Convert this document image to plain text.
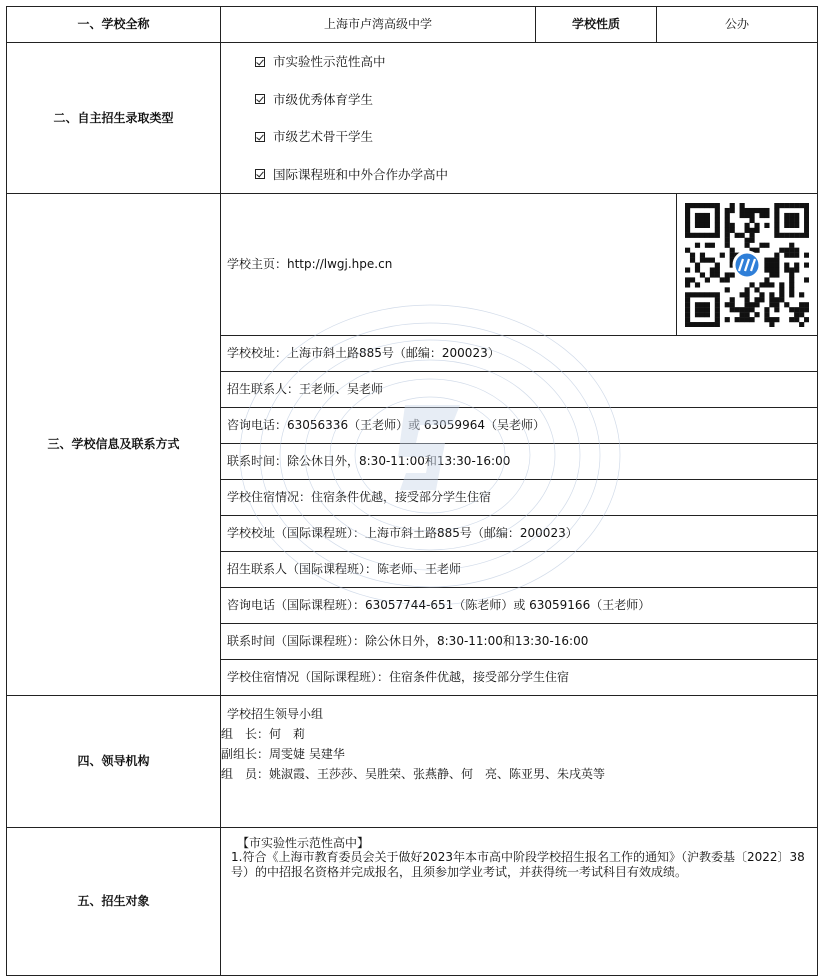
一、学校全称	上海市卢湾高级中学	学校性质	公办
二、自主招生录取类型	市实验性示范性高中
市级优秀体育学生
市级艺术骨干学生
国际课程班和中外合作办学高中		

三、学校信息及联系方式	学校主页：http://lwgj.hpe.cn		

	学校校址：上海市斜土路885号（邮编：200023）		
	招生联系人：王老师、吴老师		
	咨询电话：63056336（王老师）或 63059964（吴老师）		
	联系时间：除公休日外，8:30-11:00和13:30-16:00		
	学校住宿情况：住宿条件优越，接受部分学生住宿		
	学校校址（国际课程班）：上海市斜土路885号（邮编：200023）		
	招生联系人（国际课程班）：陈老师、王老师		
	咨询电话（国际课程班）：63057744-651（陈老师）或 63059166（王老师）		
	联系时间（国际课程班）：除公休日外，8:30-11:00和13:30-16:00		
	学校住宿情况（国际课程班）：住宿条件优越，接受部分学生住宿		
四、领导机构	学校招生领导小组
组　长：何　莉
副组长：周雯婕 吴建华
组　员：姚淑霞、王莎莎、吴胜荣、张燕静、何　亮、陈亚男、朱戌英等		

五、招生对象	【市实验性示范性高中】
1.符合《上海市教育委员会关于做好2023年本市高中阶段学校招生报名工作的通知》（沪教委基〔2022〕38号）的中招报名资格并完成报名，且须参加学业考试，并获得统一考试科目有效成绩。		
